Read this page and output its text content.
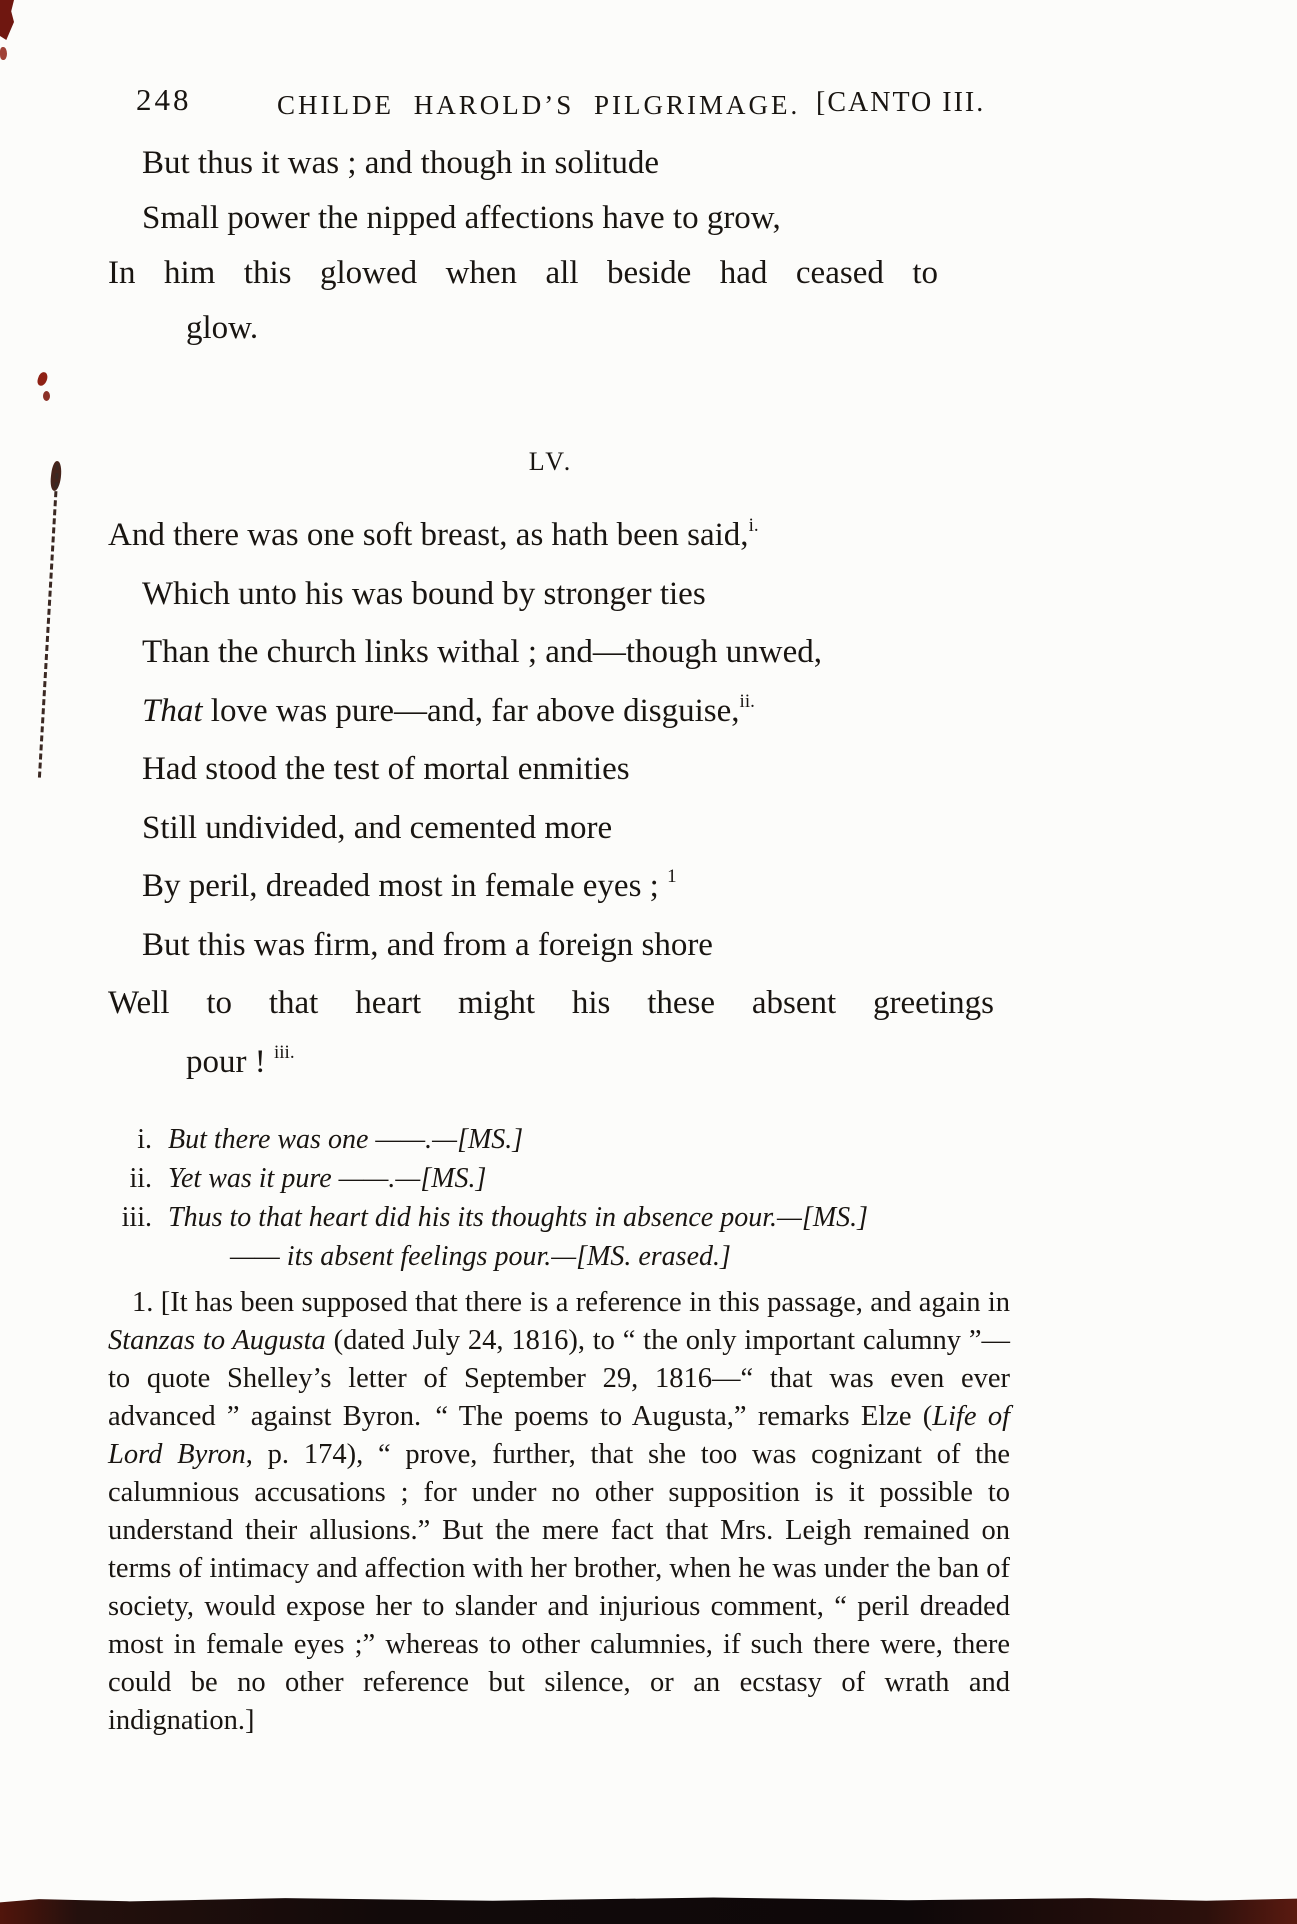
248	CHILDE HAROLD’S PILGRIMAGE. [CANTO III.
But thus it was ; and though in solitude
Small power the nipped affections have to grow,
In him this glowed when all beside had ceased to
glow.
LV.
And there was one soft breast, as hath been said,$^{i.}$
Which unto his was bound by stronger ties
Than the church links withal ; and—though unwed,
That love was pure—and, far above disguise,$^{ii.}$
Had stood the test of mortal enmities
Still undivided, and cemented more
By peril, dreaded most in female eyes ; $^1$
But this was firm, and from a foreign shore
Well to that heart might his these absent greetings
pour ! $^{iii.}$
i. But there was one ——.—[MS.]
ii. Yet was it pure ——.—[MS.]
iii. Thus to that heart did his its thoughts in absence pour.—[MS.]
—— its absent feelings pour.—[MS. erased.]
1. [It has been supposed that there is a reference in this passage, and again in Stanzas to Augusta (dated July 24, 1816), to “ the only important calumny ”—to quote Shelley’s letter of September 29, 1816—“ that was even ever advanced ” against Byron. “ The poems to Augusta,” remarks Elze (Life of Lord Byron, p. 174), “ prove, further, that she too was cognizant of the calumnious accusations ; for under no other supposition is it possible to understand their allusions.” But the mere fact that Mrs. Leigh remained on terms of intimacy and affection with her brother, when he was under the ban of society, would expose her to slander and injurious comment, “ peril dreaded most in female eyes ;” whereas to other calumnies, if such there were, there could be no other reference but silence, or an ecstasy of wrath and indignation.]
